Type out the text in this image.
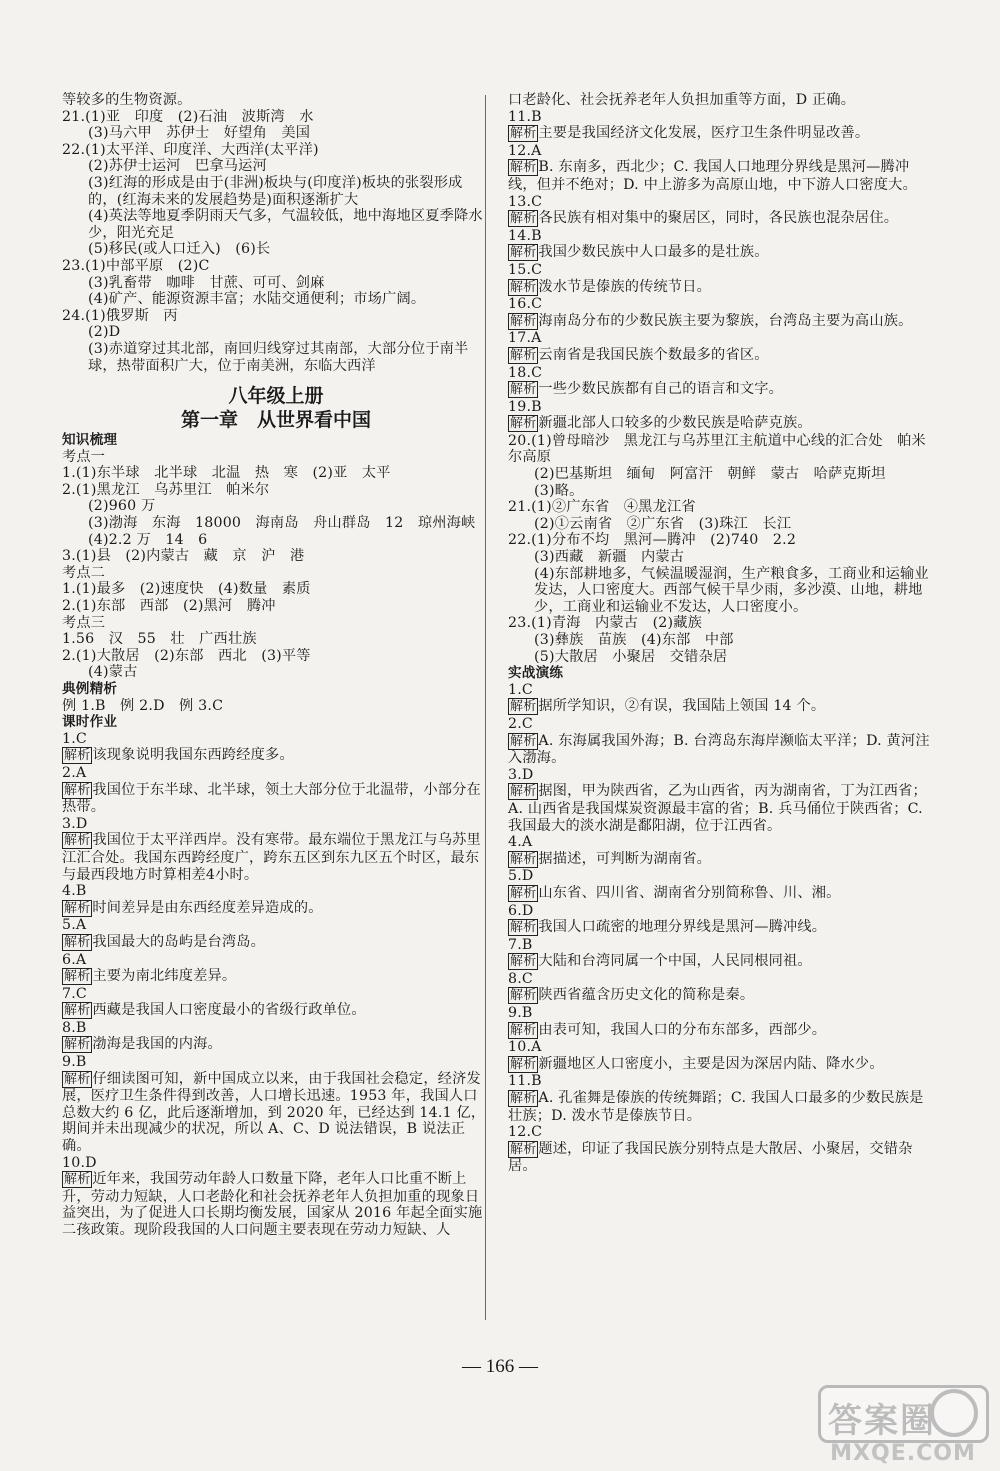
等较多的生物资源。
21.(1)亚　印度　(2)石油　波斯湾　水
(3)马六甲　苏伊士　好望角　美国
22.(1)太平洋、印度洋、大西洋(太平洋)
(2)苏伊士运河　巴拿马运河
(3)红海的形成是由于(非洲)板块与(印度洋)板块的张裂形成的，(红海未来的发展趋势是)面积逐渐扩大
(4)英法等地夏季阴雨天气多，气温较低，地中海地区夏季降水少，阳光充足
(5)移民(或人口迁入)　(6)长
23.(1)中部平原　(2)C
(3)乳畜带　咖啡　甘蔗、可可、剑麻
(4)矿产、能源资源丰富；水陆交通便利；市场广阔。
24.(1)俄罗斯　丙
(2)D
(3)赤道穿过其北部，南回归线穿过其南部，大部分位于南半球，热带面积广大，位于南美洲，东临大西洋
八年级上册
第一章　从世界看中国
知识梳理
考点一
1.(1)东半球　北半球　北温　热　寒　(2)亚　太平
2.(1)黑龙江　乌苏里江　帕米尔
(2)960 万
(3)渤海　东海　18000　海南岛　舟山群岛　12　琼州海峡
(4)2.2 万　14　6
3.(1)县　(2)内蒙古　藏　京　沪　港
考点二
1.(1)最多　(2)速度快　(4)数量　素质
2.(1)东部　西部　(2)黑河　腾冲
考点三
1.56　汉　55　壮　广西壮族
2.(1)大散居　(2)东部　西北　(3)平等
(4)蒙古
典例精析
例 1.B　例 2.D　例 3.C
课时作业
1.C
解析 该现象说明我国东西跨经度多。
2.A
解析 我国位于东半球、北半球，领土大部分位于北温带，小部分在热带。
3.D
解析 我国位于太平洋西岸。没有寒带。最东端位于黑龙江与乌苏里江汇合处。我国东西跨经度广，跨东五区到东九区五个时区，最东与最西段地方时算相差4小时。
4.B
解析 时间差异是由东西经度差异造成的。
5.A
解析 我国最大的岛屿是台湾岛。
6.A
解析 主要为南北纬度差异。
7.C
解析 西藏是我国人口密度最小的省级行政单位。
8.B
解析 渤海是我国的内海。
9.B
解析 仔细读图可知，新中国成立以来，由于我国社会稳定，经济发展，医疗卫生条件得到改善，人口增长迅速。1953 年，我国人口总数大约 6 亿，此后逐渐增加，到 2020 年，已经达到 14.1 亿，期间并未出现减少的状况，所以 A、C、D 说法错误，B 说法正确。
10.D
解析 近年来，我国劳动年龄人口数量下降，老年人口比重不断上升，劳动力短缺，人口老龄化和社会抚养老年人负担加重的现象日益突出，为了促进人口长期均衡发展，国家从 2016 年起全面实施二孩政策。现阶段我国的人口问题主要表现在劳动力短缺、人
口老龄化、社会抚养老年人负担加重等方面，D 正确。
11.B
解析 主要是我国经济文化发展，医疗卫生条件明显改善。
12.A
解析 B. 东南多，西北少；C. 我国人口地理分界线是黑河—腾冲线，但并不绝对；D. 中上游多为高原山地，中下游人口密度大。
13.C
解析 各民族有相对集中的聚居区，同时，各民族也混杂居住。
14.B
解析 我国少数民族中人口最多的是壮族。
15.C
解析 泼水节是傣族的传统节日。
16.C
解析 海南岛分布的少数民族主要为黎族，台湾岛主要为高山族。
17.A
解析 云南省是我国民族个数最多的省区。
18.C
解析 一些少数民族都有自己的语言和文字。
19.B
解析 新疆北部人口较多的少数民族是哈萨克族。
20.(1)曾母暗沙　黑龙江与乌苏里江主航道中心线的汇合处　帕米尔高原
(2)巴基斯坦　缅甸　阿富汗　朝鲜　蒙古　哈萨克斯坦
(3)略。
21.(1)②广东省　④黑龙江省
(2)①云南省　②广东省　(3)珠江　长江
22.(1)分布不均　黑河—腾冲　(2)740　2.2
(3)西藏　新疆　内蒙古
(4)东部耕地多，气候温暖湿润，生产粮食多，工商业和运输业发达，人口密度大。西部气候干旱少雨，多沙漠、山地，耕地少，工商业和运输业不发达，人口密度小。
23.(1)青海　内蒙古　(2)藏族
(3)彝族　苗族　(4)东部　中部
(5)大散居　小聚居　交错杂居
实战演练
1.C
解析 据所学知识，②有误，我国陆上领国 14 个。
2.C
解析 A. 东海属我国外海；B. 台湾岛东海岸濒临太平洋；D. 黄河注入渤海。
3.D
解析 据图，甲为陕西省，乙为山西省，丙为湖南省，丁为江西省；A. 山西省是我国煤炭资源最丰富的省；B. 兵马俑位于陕西省；C. 我国最大的淡水湖是鄱阳湖，位于江西省。
4.A
解析 据描述，可判断为湖南省。
5.D
解析 山东省、四川省、湖南省分别简称鲁、川、湘。
6.D
解析 我国人口疏密的地理分界线是黑河—腾冲线。
7.B
解析 大陆和台湾同属一个中国，人民同根同祖。
8.C
解析 陕西省蕴含历史文化的简称是秦。
9.B
解析 由表可知，我国人口的分布东部多，西部少。
10.A
解析 新疆地区人口密度小，主要是因为深居内陆、降水少。
11.B
解析 A. 孔雀舞是傣族的传统舞蹈；C. 我国人口最多的少数民族是壮族；D. 泼水节是傣族节日。
12.C
解析 题述，印证了我国民族分别特点是大散居、小聚居，交错杂居。
— 166 —
答案圈
MXQE.COM
